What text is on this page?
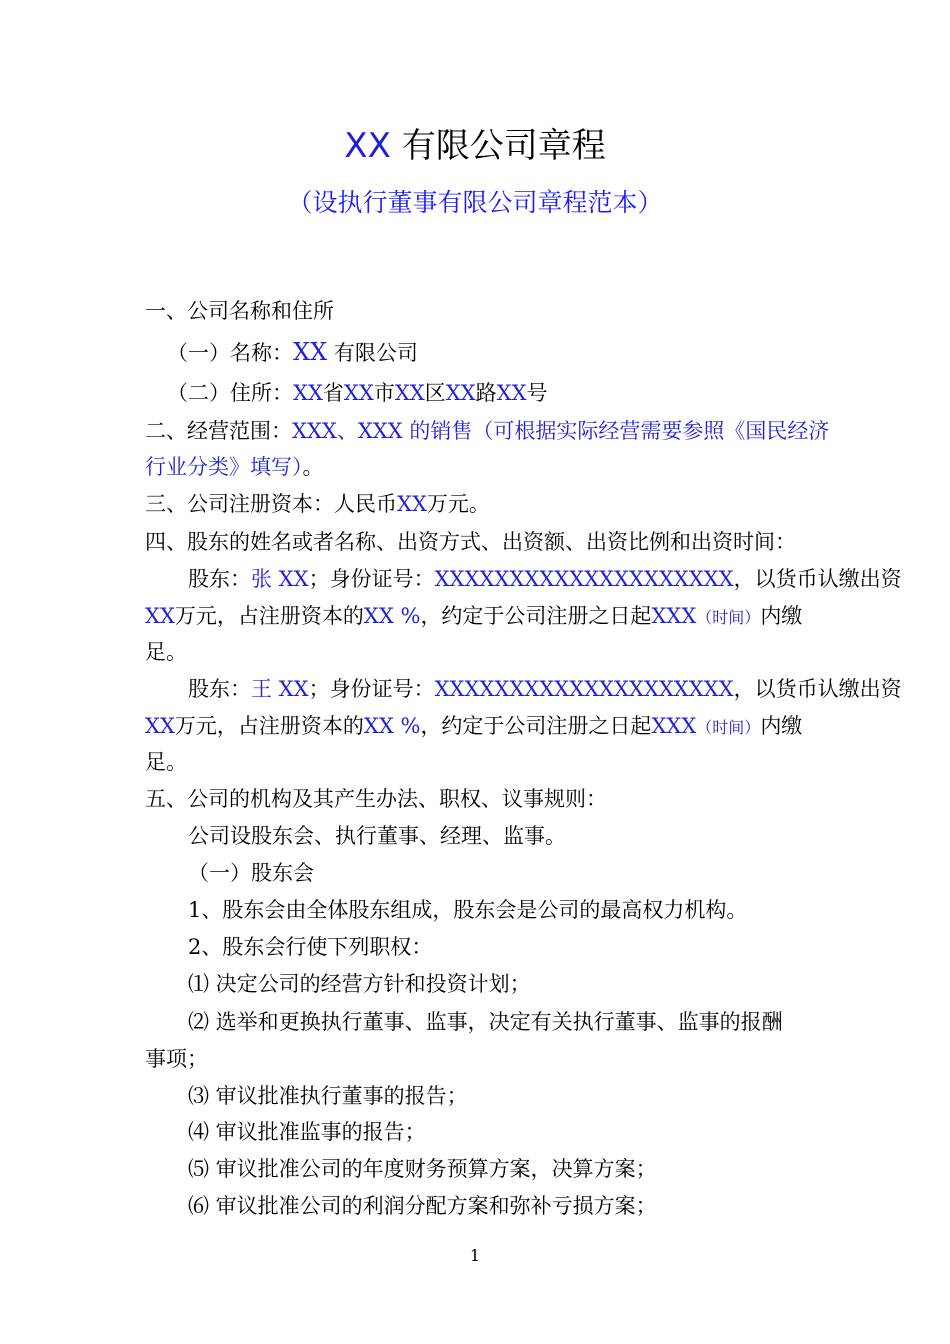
XX 有限公司章程
（设执行董事有限公司章程范本）
一、公司名称和住所
（一）名称：XX 有限公司
（二）住所：XX省XX市XX区XX路XX号
二、经营范围：XXX、XXX 的销售（可根据实际经营需要参照《国民经济
行业分类》填写）。
三、公司注册资本：人民币XX万元。
四、股东的姓名或者名称、出资方式、出资额、出资比例和出资时间：
股东：张 XX；身份证号：XXXXXXXXXXXXXXXXXXXX，以货币认缴出资
XX万元，占注册资本的XX %，约定于公司注册之日起XXX（时间）内缴
足。
股东：王 XX；身份证号：XXXXXXXXXXXXXXXXXXXX，以货币认缴出资
XX万元，占注册资本的XX %，约定于公司注册之日起XXX（时间）内缴
足。
五、公司的机构及其产生办法、职权、议事规则：
公司设股东会、执行董事、经理、监事。
（一）股东会
1、股东会由全体股东组成，股东会是公司的最高权力机构。
2、股东会行使下列职权：
⑴ 决定公司的经营方针和投资计划；
⑵ 选举和更换执行董事、监事，决定有关执行董事、监事的报酬
事项；
⑶ 审议批准执行董事的报告；
⑷ 审议批准监事的报告；
⑸ 审议批准公司的年度财务预算方案，决算方案；
⑹ 审议批准公司的利润分配方案和弥补亏损方案；
1
